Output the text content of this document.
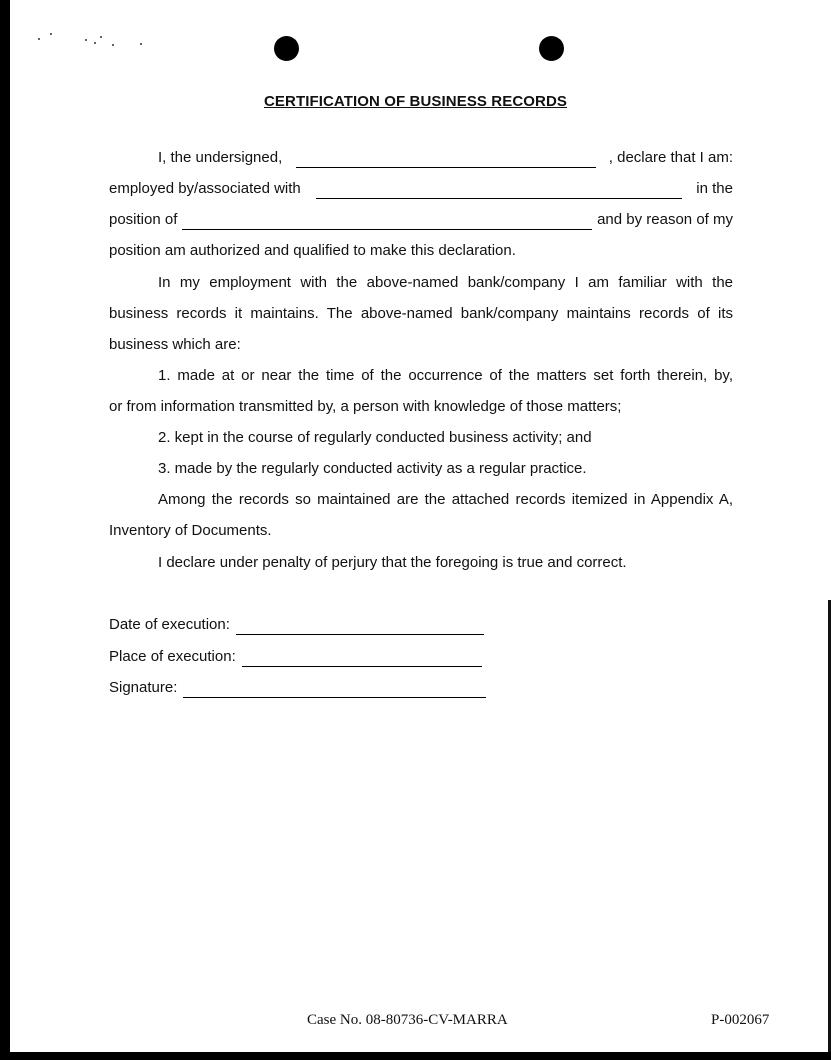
CERTIFICATION OF BUSINESS RECORDS
I, the undersigned,	, declare that I am:
employed by/associated with	in the
position of	and by reason of my
position am authorized and qualified to make this declaration.
In my employment with the above-named bank/company I am familiar with the
business records it maintains. The above-named bank/company maintains records of its
business which are:
1. made at or near the time of the occurrence of the matters set forth therein, by,
or from information transmitted by, a person with knowledge of those matters;
2. kept in the course of regularly conducted business activity; and
3. made by the regularly conducted activity as a regular practice.
Among the records so maintained are the attached records itemized in Appendix A,
Inventory of Documents.
I declare under penalty of perjury that the foregoing is true and correct.
Date of execution:
Place of execution:
Signature:
Case No. 08-80736-CV-MARRA	P-002067
